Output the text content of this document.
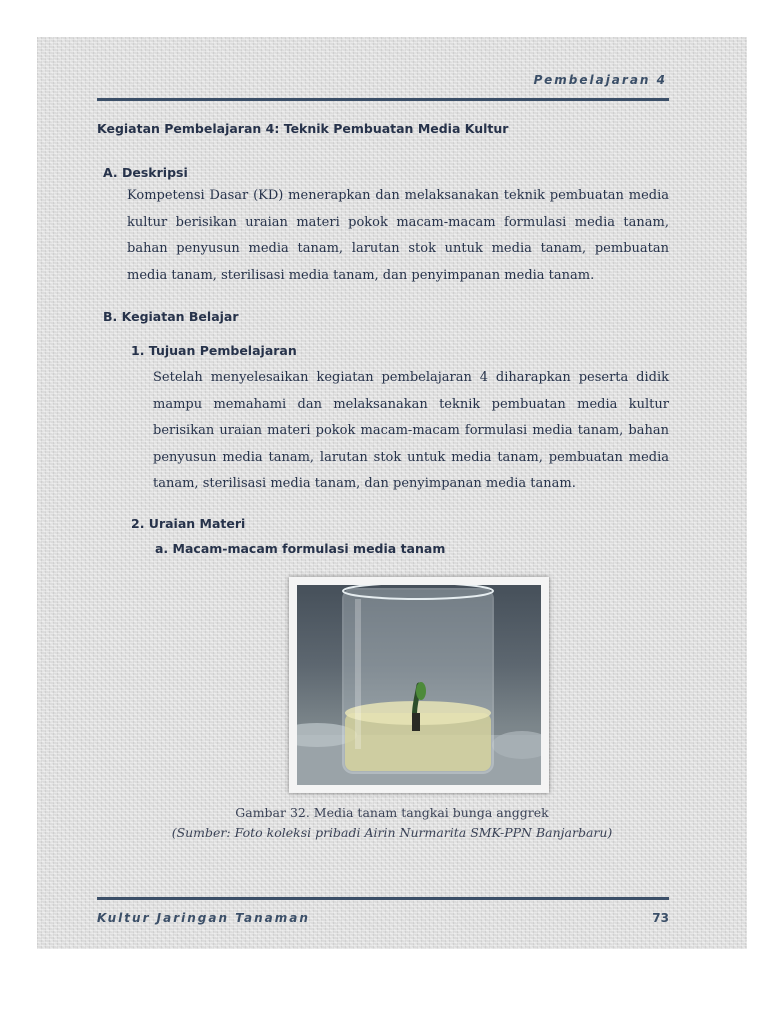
Pembelajaran 4
Kegiatan Pembelajaran 4: Teknik Pembuatan Media Kultur
A. Deskripsi
Kompetensi Dasar (KD) menerapkan dan melaksanakan teknik pembuatan media kultur berisikan uraian materi pokok macam-macam formulasi media tanam, bahan penyusun media tanam, larutan stok untuk media tanam, pembuatan media tanam, sterilisasi media tanam, dan penyimpanan media tanam.
B. Kegiatan Belajar
1. Tujuan Pembelajaran
Setelah menyelesaikan kegiatan pembelajaran 4 diharapkan peserta didik mampu memahami dan melaksanakan teknik pembuatan media kultur berisikan uraian materi pokok macam-macam formulasi media tanam, bahan penyusun media tanam, larutan stok untuk media tanam, pembuatan media tanam, sterilisasi media tanam, dan penyimpanan media tanam.
2. Uraian Materi
a. Macam-macam formulasi media tanam
Gambar 32. Media tanam tangkai bunga anggrek
(Sumber: Foto koleksi pribadi Airin Nurmarita SMK-PPN Banjarbaru)
Kultur Jaringan Tanaman	73
